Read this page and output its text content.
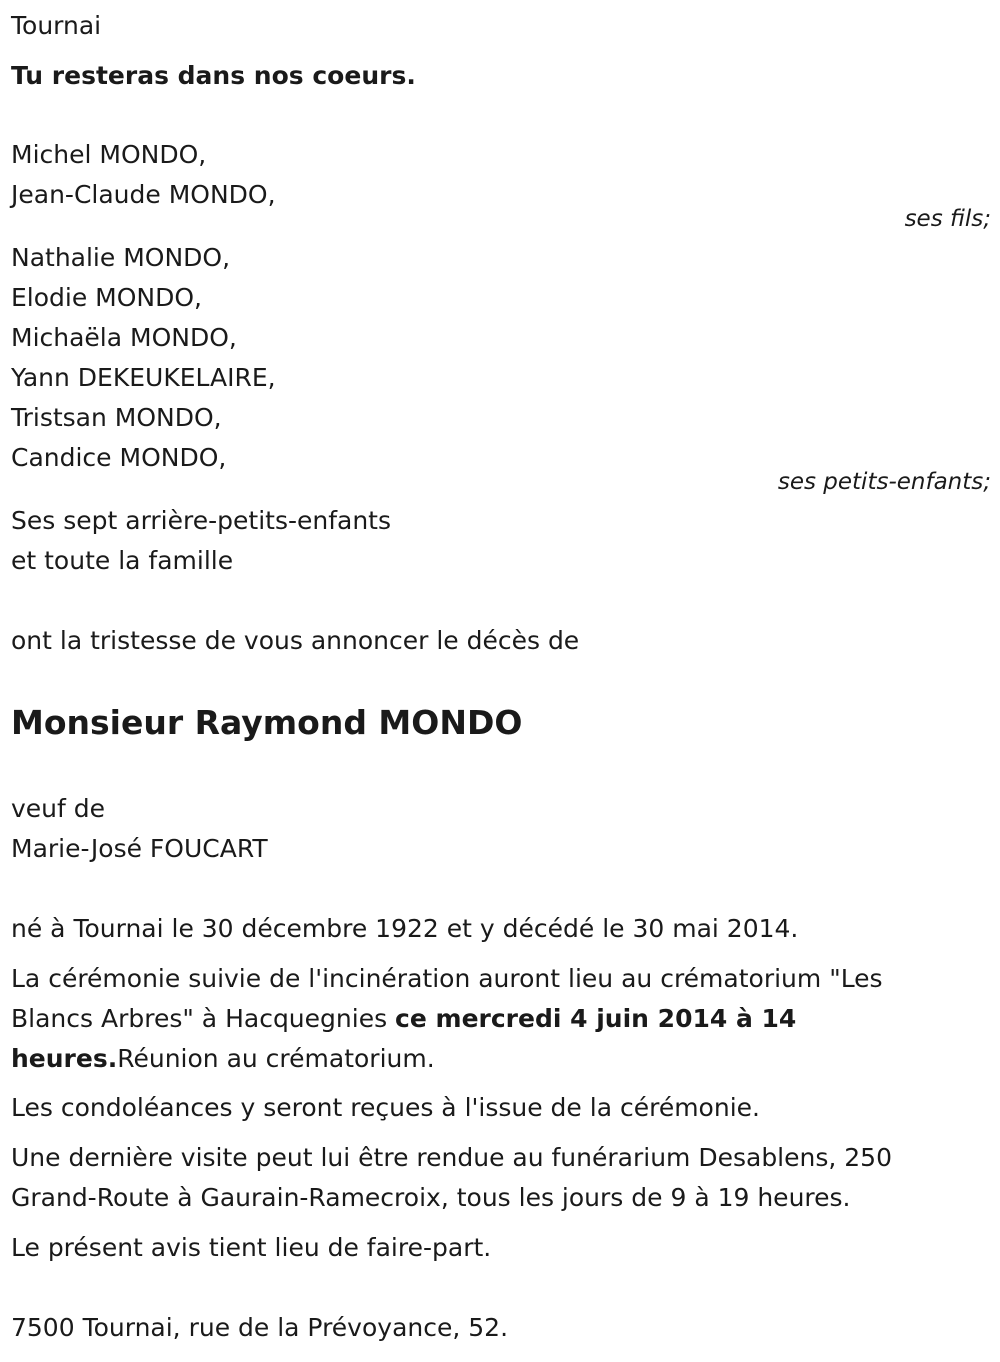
Tournai
Tu resteras dans nos coeurs.
Michel MONDO,
Jean-Claude MONDO,
ses fils;
Nathalie MONDO,
Elodie MONDO,
Michaëla MONDO,
Yann DEKEUKELAIRE,
Tristsan MONDO,
Candice MONDO,
ses petits-enfants;
Ses sept arrière-petits-enfants
et toute la famille
ont la tristesse de vous annoncer le décès de
Monsieur Raymond MONDO
veuf de
Marie-José FOUCART
né à Tournai le 30 décembre 1922 et y décédé le 30 mai 2014.
La cérémonie suivie de l'incinération auront lieu au crématorium "Les Blancs Arbres" à Hacquegnies ce mercredi 4 juin 2014 à 14 heures.Réunion au crématorium.
Les condoléances y seront reçues à l'issue de la cérémonie.
Une dernière visite peut lui être rendue au funérarium Desablens, 250 Grand-Route à Gaurain-Ramecroix, tous les jours de 9 à 19 heures.
Le présent avis tient lieu de faire-part.
7500 Tournai, rue de la Prévoyance, 52.
